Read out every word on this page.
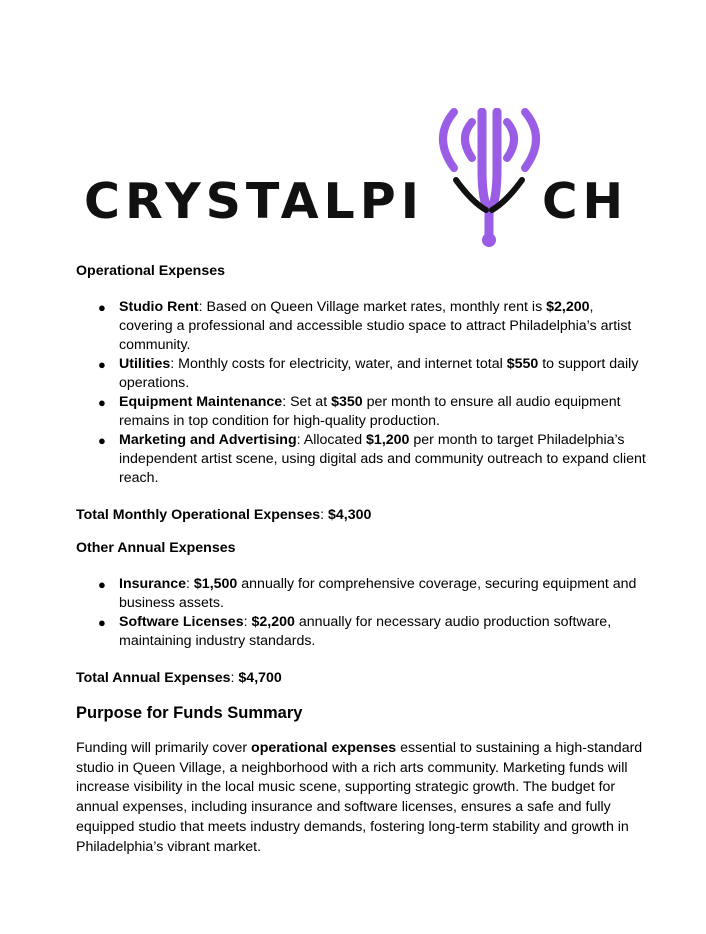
CRYSTALPI CH

Operational Expenses

● Studio Rent: Based on Queen Village market rates, monthly rent is $2,200, covering a professional and accessible studio space to attract Philadelphia’s artist community.
● Utilities: Monthly costs for electricity, water, and internet total $550 to support daily operations.
● Equipment Maintenance: Set at $350 per month to ensure all audio equipment remains in top condition for high-quality production.
● Marketing and Advertising: Allocated $1,200 per month to target Philadelphia’s independent artist scene, using digital ads and community outreach to expand client reach.

Total Monthly Operational Expenses: $4,300

Other Annual Expenses

● Insurance: $1,500 annually for comprehensive coverage, securing equipment and business assets.
● Software Licenses: $2,200 annually for necessary audio production software, maintaining industry standards.

Total Annual Expenses: $4,700

Purpose for Funds Summary

Funding will primarily cover operational expenses essential to sustaining a high-standard studio in Queen Village, a neighborhood with a rich arts community. Marketing funds will increase visibility in the local music scene, supporting strategic growth. The budget for annual expenses, including insurance and software licenses, ensures a safe and fully equipped studio that meets industry demands, fostering long-term stability and growth in Philadelphia’s vibrant market.
